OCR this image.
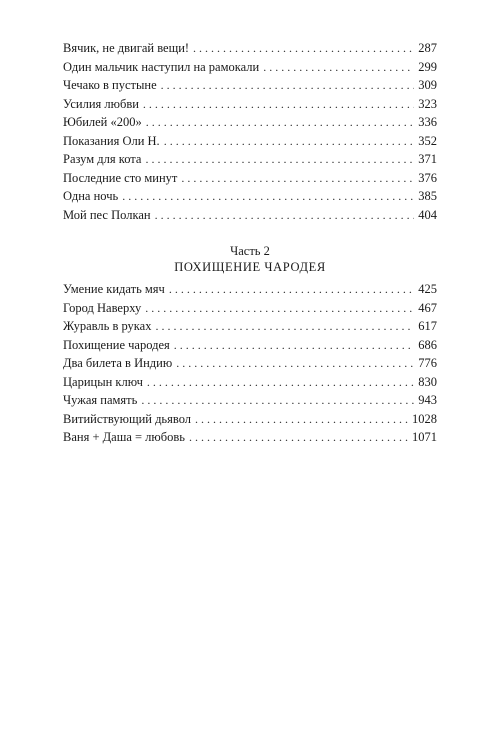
Вячик, не двигай вещи! . . .	287
Один мальчик наступил на рамокали . . .	299
Чечако в пустыне . . .	309
Усилия любви . . .	323
Юбилей «200» . . .	336
Показания Оли Н. . . .	352
Разум для кота . . .	371
Последние сто минут . . .	376
Одна ночь . . .	385
Мой пес Полкан . . .	404
Часть 2
ПОХИЩЕНИЕ ЧАРОДЕЯ
Умение кидать мяч . . .	425
Город Наверху . . .	467
Журавль в руках . . .	617
Похищение чародея . . .	686
Два билета в Индию . . .	776
Царицын ключ . . .	830
Чужая память . . .	943
Витийствующий дьявол . . .	1028
Ваня + Даша = любовь . . .	1071
